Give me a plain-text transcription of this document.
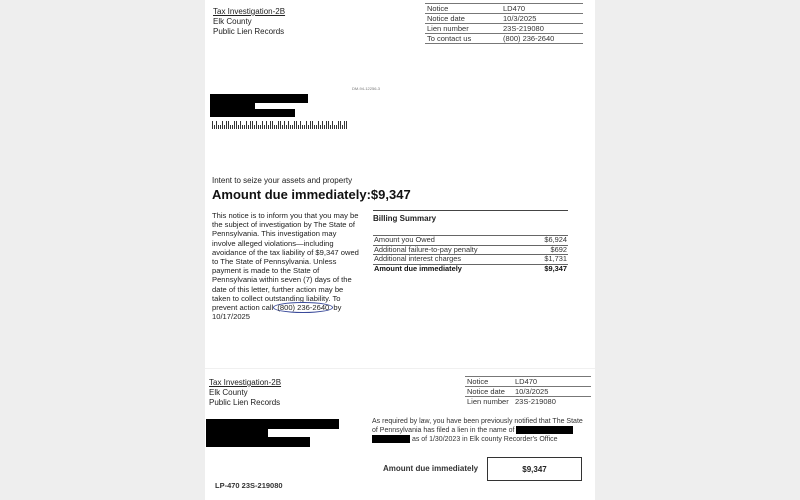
Tax Investigation-2B
Elk County
Public Lien Records
Notice	LD470
Notice date	10/3/2025
Lien number	23S-219080
To contact us	(800) 236-2640
DM-94-12256-3
Intent to seize your assets and property
Amount due immediately:$9,347
This notice is to inform you that you may be the subject of investigation by The State of Pennsylvania. This investigation may involve alleged violations—including avoidance of the tax liability of $9,347 owed to The State of Pennsylvania. Unless payment is made to the State of Pennsylvania within seven (7) days of the date of this letter, further action may be taken to collect outstanding liability. To prevent action call (800) 236-2640 by 10/17/2025
Billing Summary
Amount you Owed	$6,924
Additional failure-to-pay penalty	$692
Additional interest charges	$1,731
Amount due immediately	$9,347
Tax Investigation-2B
Elk County
Public Lien Records
Notice	LD470
Notice date	10/3/2025
Lien number	23S-219080
As required by law, you have been previously notified that The State of Pennsylvania has filed a lien in the name of   as of 1/30/2023 in Elk county Recorder's Office
Amount due immediately	$9,347
LP-470 23S-219080
